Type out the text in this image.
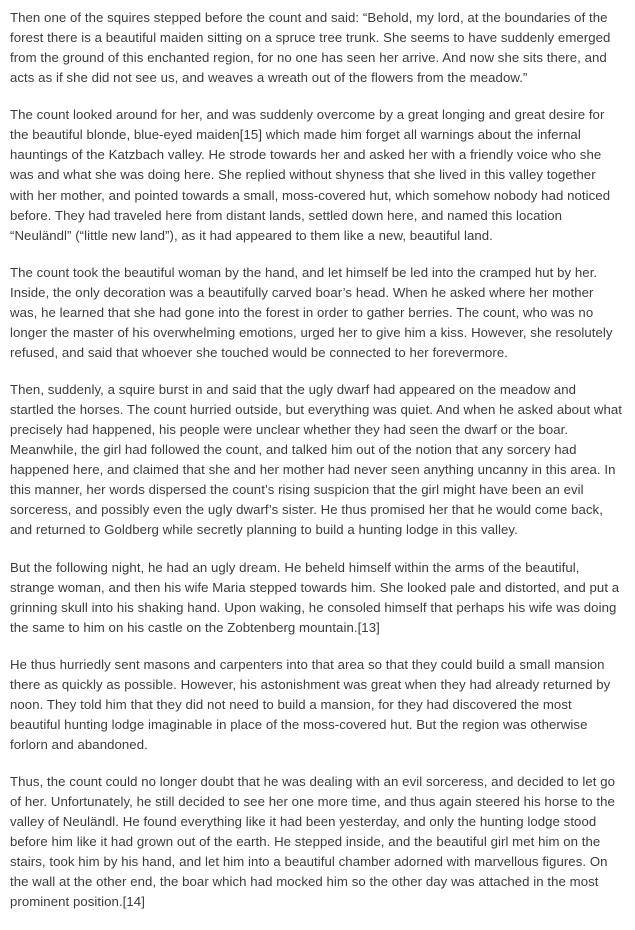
Then one of the squires stepped before the count and said: “Behold, my lord, at the boundaries of the forest there is a beautiful maiden sitting on a spruce tree trunk. She seems to have suddenly emerged from the ground of this enchanted region, for no one has seen her arrive. And now she sits there, and acts as if she did not see us, and weaves a wreath out of the flowers from the meadow.”

The count looked around for her, and was suddenly overcome by a great longing and great desire for the beautiful blonde, blue-eyed maiden[15] which made him forget all warnings about the infernal hauntings of the Katzbach valley. He strode towards her and asked her with a friendly voice who she was and what she was doing here. She replied without shyness that she lived in this valley together with her mother, and pointed towards a small, moss-covered hut, which somehow nobody had noticed before. They had traveled here from distant lands, settled down here, and named this location “Neuländl” (“little new land”), as it had appeared to them like a new, beautiful land.

The count took the beautiful woman by the hand, and let himself be led into the cramped hut by her. Inside, the only decoration was a beautifully carved boar’s head. When he asked where her mother was, he learned that she had gone into the forest in order to gather berries. The count, who was no longer the master of his overwhelming emotions, urged her to give him a kiss. However, she resolutely refused, and said that whoever she touched would be connected to her forevermore.

Then, suddenly, a squire burst in and said that the ugly dwarf had appeared on the meadow and startled the horses. The count hurried outside, but everything was quiet. And when he asked about what precisely had happened, his people were unclear whether they had seen the dwarf or the boar. Meanwhile, the girl had followed the count, and talked him out of the notion that any sorcery had happened here, and claimed that she and her mother had never seen anything uncanny in this area. In this manner, her words dispersed the count’s rising suspicion that the girl might have been an evil sorceress, and possibly even the ugly dwarf’s sister. He thus promised her that he would come back, and returned to Goldberg while secretly planning to build a hunting lodge in this valley.

But the following night, he had an ugly dream. He beheld himself within the arms of the beautiful, strange woman, and then his wife Maria stepped towards him. She looked pale and distorted, and put a grinning skull into his shaking hand. Upon waking, he consoled himself that perhaps his wife was doing the same to him on his castle on the Zobtenberg mountain.[13]

He thus hurriedly sent masons and carpenters into that area so that they could build a small mansion there as quickly as possible. However, his astonishment was great when they had already returned by noon. They told him that they did not need to build a mansion, for they had discovered the most beautiful hunting lodge imaginable in place of the moss-covered hut. But the region was otherwise forlorn and abandoned.

Thus, the count could no longer doubt that he was dealing with an evil sorceress, and decided to let go of her. Unfortunately, he still decided to see her one more time, and thus again steered his horse to the valley of Neuländl. He found everything like it had been yesterday, and only the hunting lodge stood before him like it had grown out of the earth. He stepped inside, and the beautiful girl met him on the stairs, took him by his hand, and let him into a beautiful chamber adorned with marvellous figures. On the wall at the other end, the boar which had mocked him so the other day was attached in the most prominent position.[14]
